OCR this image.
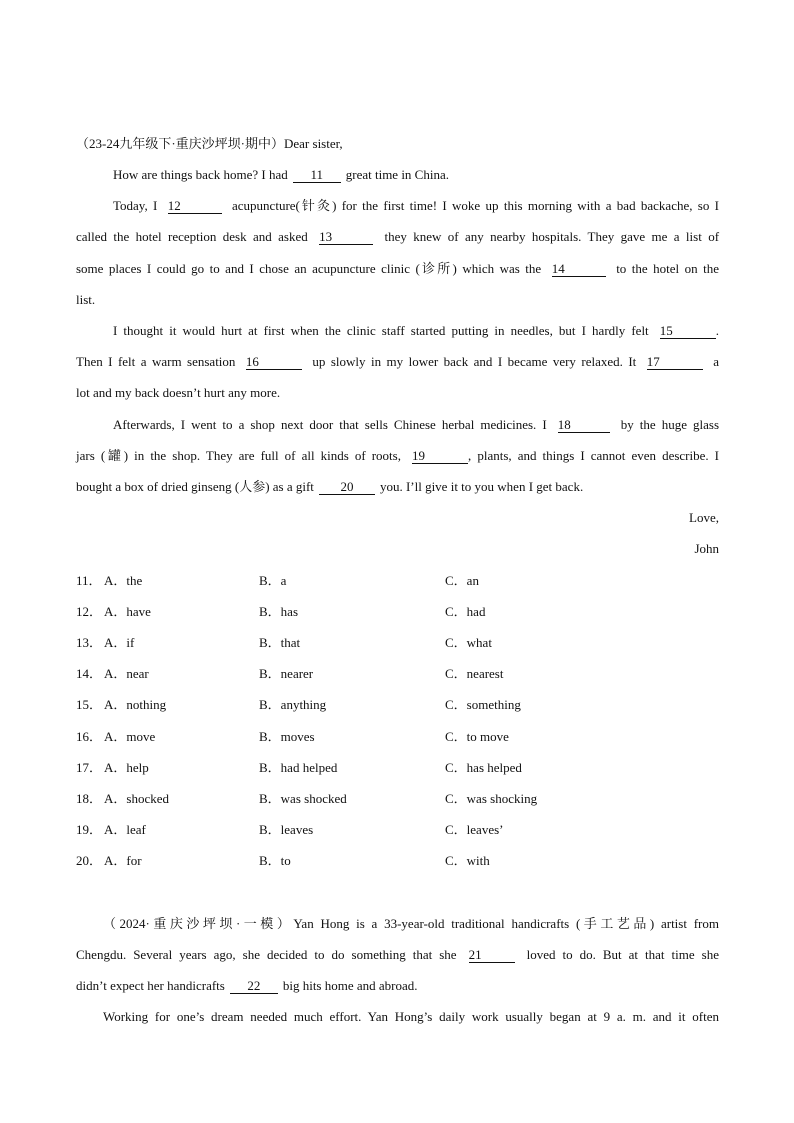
（23-24九年级下·重庆沙坪坝·期中）Dear sister,
How are things back home? I had 11 great time in China.
Today, I 12	acupuncture(针灸) for the first time! I woke up this morning with a bad backache, so I
called the hotel reception desk and asked 13	they knew of any nearby hospitals. They gave me a list of
some places I could go to and I chose an acupuncture clinic (诊所) which was the 14	to the hotel on the
list.
I thought it would hurt at first when the clinic staff started putting in needles, but I hardly felt 15	.
Then I felt a warm sensation 16	up slowly in my lower back and I became very relaxed. It 17	a
lot and my back doesn’t hurt any more.
Afterwards, I went to a shop next door that sells Chinese herbal medicines. I 18	by the huge glass
jars (罐) in the shop. They are full of all kinds of roots, 19	, plants, and things I cannot even describe. I
bought a box of dried ginseng (人参) as a gift 20 you. I’ll give it to you when I get back.
Love,
John
11． A．the	B．a	C．an
12． A．have	B．has	C．had
13． A．if	B．that	C．what
14． A．near	B．nearer	C．nearest
15． A．nothing	B．anything	C．something
16． A．move	B．moves	C．to move
17． A．help	B．had helped	C．has helped
18． A．shocked	B．was shocked	C．was shocking
19． A．leaf	B．leaves	C．leaves’
20． A．for	B．to	C．with
（2024·重庆沙坪坝·一模）Yan Hong is a 33-year-old traditional handicrafts (手工艺品) artist from
Chengdu. Several years ago, she decided to do something that she 21	loved to do. But at that time she
didn’t expect her handicrafts 22 big hits home and abroad.
Working for one’s dream needed much effort. Yan Hong’s daily work usually began at 9 a. m. and it often
